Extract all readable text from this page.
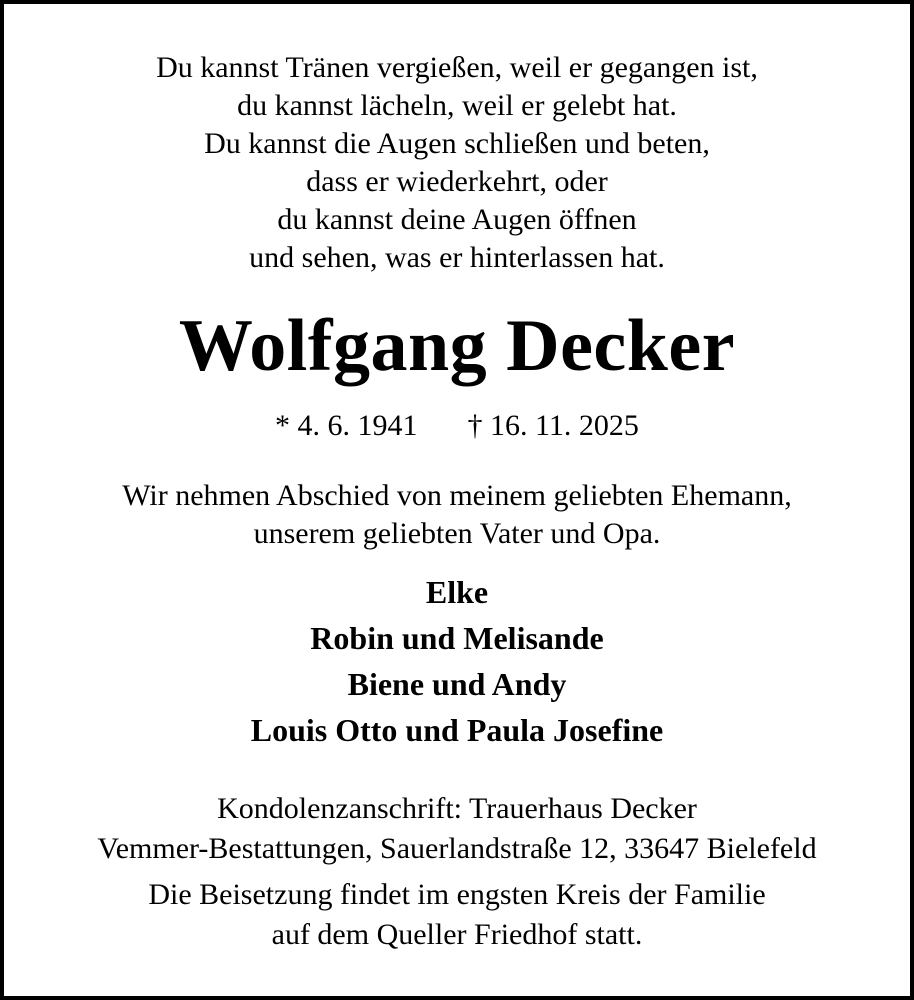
Du kannst Tränen vergießen, weil er gegangen ist,
du kannst lächeln, weil er gelebt hat.
Du kannst die Augen schließen und beten,
dass er wiederkehrt, oder
du kannst deine Augen öffnen
und sehen, was er hinterlassen hat.
Wolfgang Decker
* 4. 6. 1941 † 16. 11. 2025
Wir nehmen Abschied von meinem geliebten Ehemann,
unserem geliebten Vater und Opa.
Elke
Robin und Melisande
Biene und Andy
Louis Otto und Paula Josefine
Kondolenzanschrift: Trauerhaus Decker
Vemmer-Bestattungen, Sauerlandstraße 12, 33647 Bielefeld
Die Beisetzung findet im engsten Kreis der Familie
auf dem Queller Friedhof statt.
